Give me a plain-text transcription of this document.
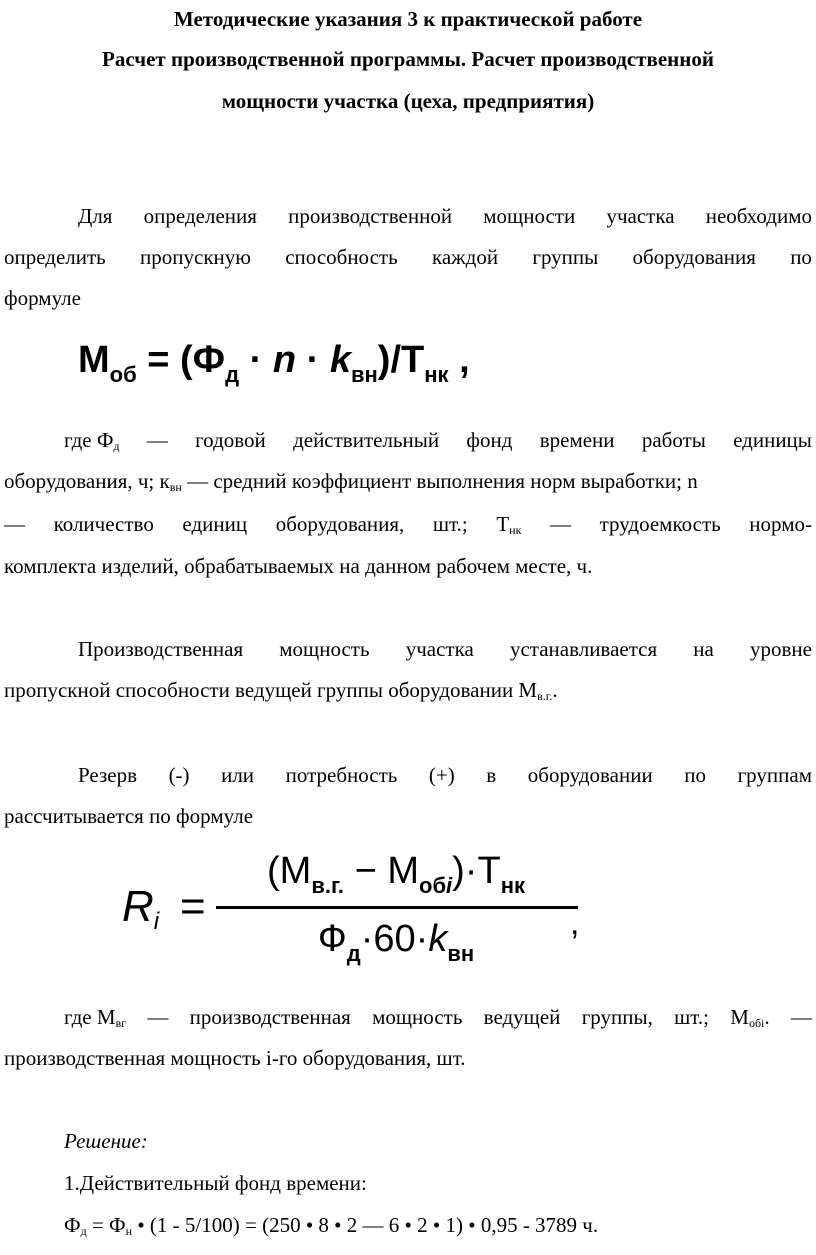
Методические указания 3 к практической работе
Расчет производственной программы. Расчет производственной
мощности участка (цеха, предприятия)
Для определения производственной мощности участка необходимо
определить пропускную способность каждой группы оборудования по
формуле
$М_{об} = (Ф_д \cdot n \cdot k_{вн})/Т_{нк}$ ,
где $Ф_д$ — годовой действительный фонд времени работы единицы
оборудования, ч; $к_{вн}$ — средний коэффициент выполнения норм выработки; n
— количество единиц оборудования, шт.; $Т_{нк}$ — трудоемкость нормо-
комплекта изделий, обрабатываемых на данном рабочем месте, ч.
Производственная мощность участка устанавливается на уровне
пропускной способности ведущей группы оборудовании $М_{в.г.}$.
Резерв (-) или потребность (+) в оборудовании по группам
рассчитывается по формуле
$R_i$ =
$(М_{в.г.} - М_{обi})\cdot Т_{нк}$
$Ф_д\cdot 60\cdot k_{вн}$
,
где $М_{вг}$ — производственная мощность ведущей группы, шт.; $М_{обі}$. —
производственная мощность і-го оборудования, шт.
Решение:
1.Действительный фонд времени:
$Ф_д = Ф_н$ • (1 - 5/100) = (250 • 8 • 2 — 6 • 2 • 1) • 0,95 - 3789 ч.
